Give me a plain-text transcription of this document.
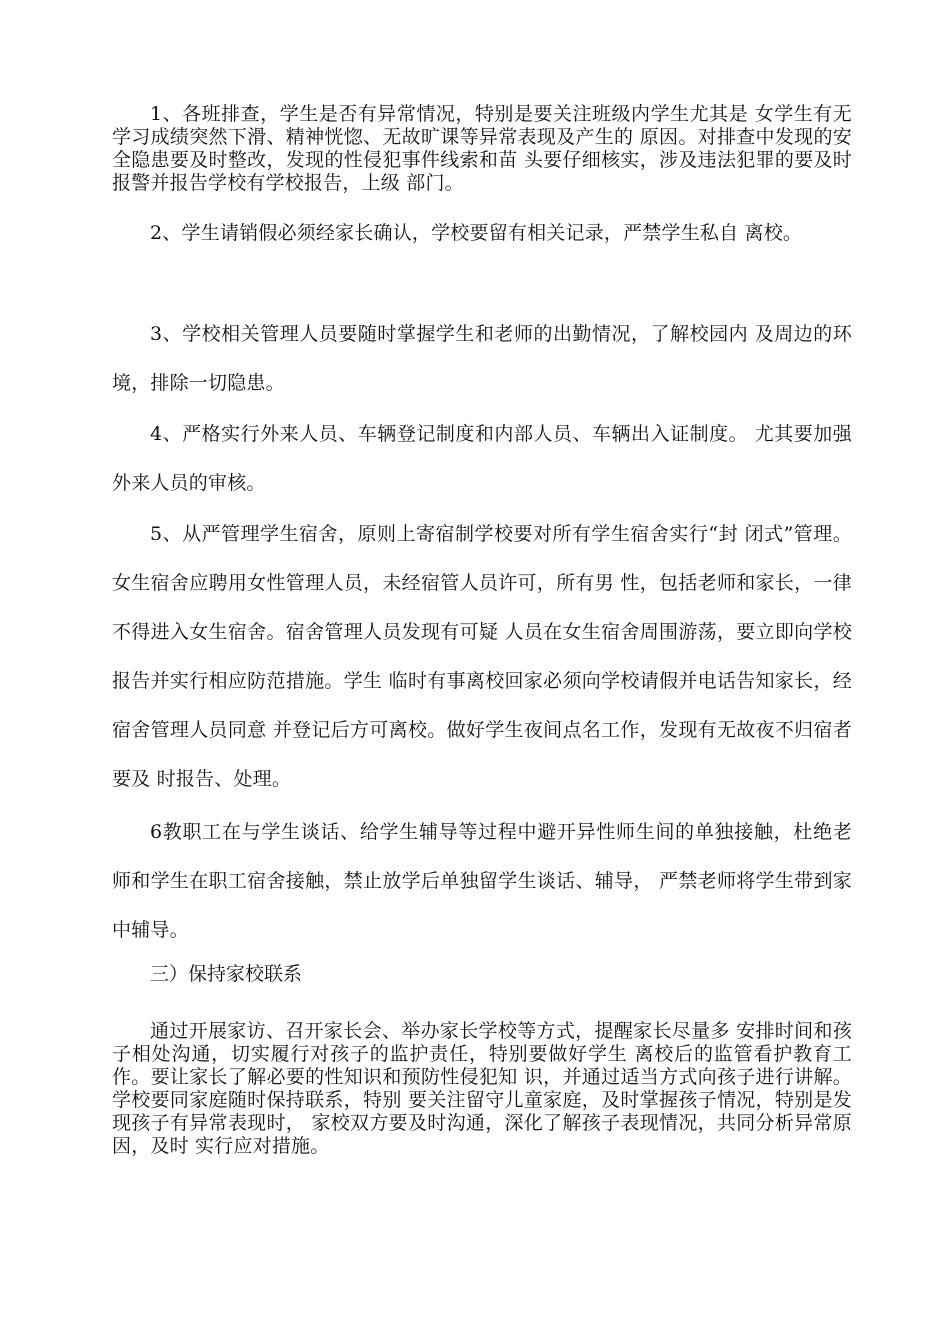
1、各班排查，学生是否有异常情况，特别是要关注班级内学生尤其是 女学生有无学习成绩突然下滑、精神恍惚、无故旷课等异常表现及产生的 原因。对排查中发现的安全隐患要及时整改，发现的性侵犯事件线索和苗 头要仔细核实，涉及违法犯罪的要及时报警并报告学校有学校报告，上级 部门。

2、学生请销假必须经家长确认，学校要留有相关记录，严禁学生私自 离校。

3、学校相关管理人员要随时掌握学生和老师的出勤情况，了解校园内 及周边的环境，排除一切隐患。

4、严格实行外来人员、车辆登记制度和内部人员、车辆出入证制度。 尤其要加强外来人员的审核。

5、从严管理学生宿舍，原则上寄宿制学校要对所有学生宿舍实行“封 闭式”管理。女生宿舍应聘用女性管理人员，未经宿管人员许可，所有男 性，包括老师和家长，一律不得进入女生宿舍。宿舍管理人员发现有可疑 人员在女生宿舍周围游荡，要立即向学校报告并实行相应防范措施。学生 临时有事离校回家必须向学校请假并电话告知家长，经宿舍管理人员同意 并登记后方可离校。做好学生夜间点名工作，发现有无故夜不归宿者要及 时报告、处理。

6教职工在与学生谈话、给学生辅导等过程中避开异性师生间的单独接触，杜绝老师和学生在职工宿舍接触，禁止放学后单独留学生谈话、辅导， 严禁老师将学生带到家中辅导。

三）保持家校联系

通过开展家访、召开家长会、举办家长学校等方式，提醒家长尽量多 安排时间和孩子相处沟通，切实履行对孩子的监护责任，特别要做好学生 离校后的监管看护教育工作。要让家长了解必要的性知识和预防性侵犯知 识，并通过适当方式向孩子进行讲解。学校要同家庭随时保持联系，特别 要关注留守儿童家庭，及时掌握孩子情况，特别是发现孩子有异常表现时， 家校双方要及时沟通，深化了解孩子表现情况，共同分析异常原因，及时 实行应对措施。
